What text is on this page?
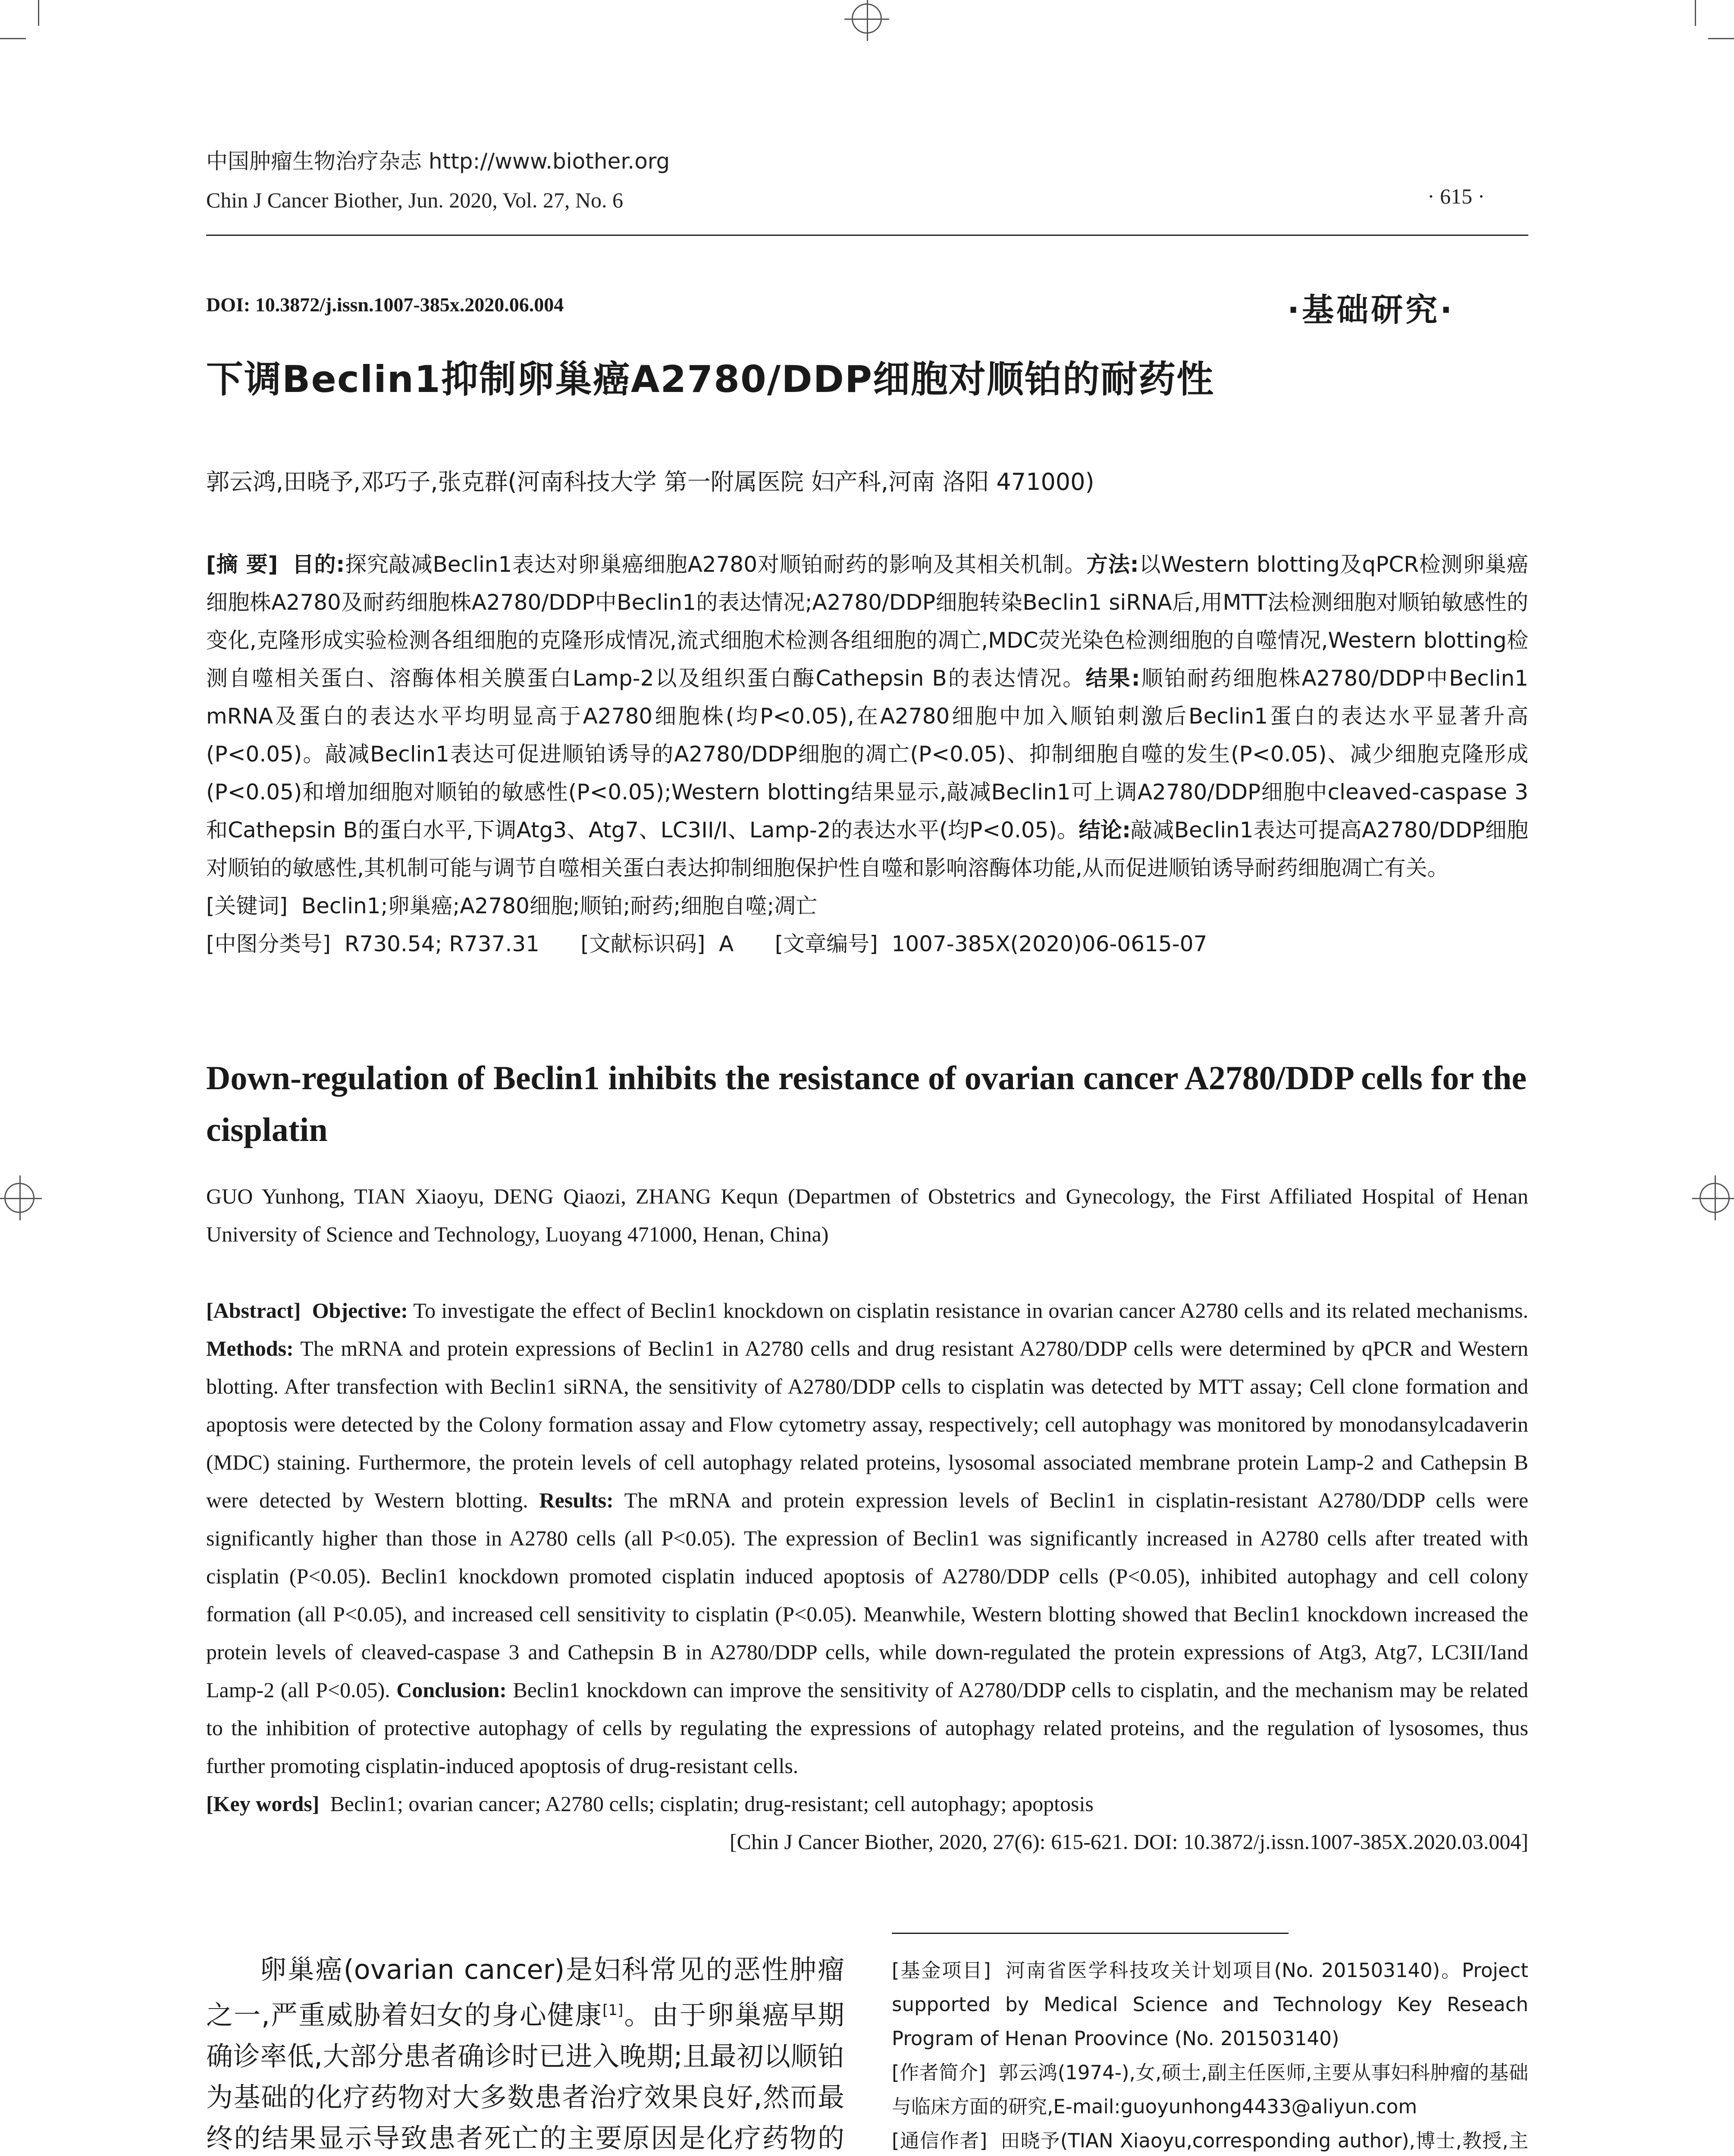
中国肿瘤生物治疗杂志 http://www.biother.org
Chin J Cancer Biother, Jun. 2020, Vol. 27, No. 6	· 615 ·
DOI: 10.3872/j.issn.1007-385x.2020.06.004	·基础研究·
下调Beclin1抑制卵巢癌A2780/DDP细胞对顺铂的耐药性
郭云鸿,田晓予,邓巧子,张克群(河南科技大学 第一附属医院 妇产科,河南 洛阳 471000)
[摘 要] 目的:探究敲减Beclin1表达对卵巢癌细胞A2780对顺铂耐药的影响及其相关机制。方法:以Western blotting及qPCR检测卵巢癌细胞株A2780及耐药细胞株A2780/DDP中Beclin1的表达情况;A2780/DDP细胞转染Beclin1 siRNA后,用MTT法检测细胞对顺铂敏感性的变化,克隆形成实验检测各组细胞的克隆形成情况,流式细胞术检测各组细胞的凋亡,MDC荧光染色检测细胞的自噬情况,Western blotting检测自噬相关蛋白、溶酶体相关膜蛋白Lamp-2以及组织蛋白酶Cathepsin B的表达情况。结果:顺铂耐药细胞株A2780/DDP中Beclin1 mRNA及蛋白的表达水平均明显高于A2780细胞株(均P<0.05),在A2780细胞中加入顺铂刺激后Beclin1蛋白的表达水平显著升高(P<0.05)。敲减Beclin1表达可促进顺铂诱导的A2780/DDP细胞的凋亡(P<0.05)、抑制细胞自噬的发生(P<0.05)、减少细胞克隆形成(P<0.05)和增加细胞对顺铂的敏感性(P<0.05);Western blotting结果显示,敲减Beclin1可上调A2780/DDP细胞中cleaved-caspase 3和Cathepsin B的蛋白水平,下调Atg3、Atg7、LC3II/I、Lamp-2的表达水平(均P<0.05)。结论:敲减Beclin1表达可提高A2780/DDP细胞对顺铂的敏感性,其机制可能与调节自噬相关蛋白表达抑制细胞保护性自噬和影响溶酶体功能,从而促进顺铂诱导耐药细胞凋亡有关。
[关键词] Beclin1;卵巢癌;A2780细胞;顺铂;耐药;细胞自噬;凋亡
[中图分类号] R730.54; R737.31 [文献标识码] A [文章编号] 1007-385X(2020)06-0615-07
Down-regulation of Beclin1 inhibits the resistance of ovarian cancer A2780/DDP cells for the cisplatin
GUO Yunhong, TIAN Xiaoyu, DENG Qiaozi, ZHANG Kequn (Departmen of Obstetrics and Gynecology, the First Affiliated Hospital of Henan University of Science and Technology, Luoyang 471000, Henan, China)
[Abstract] Objective: To investigate the effect of Beclin1 knockdown on cisplatin resistance in ovarian cancer A2780 cells and its related mechanisms. Methods: The mRNA and protein expressions of Beclin1 in A2780 cells and drug resistant A2780/DDP cells were determined by qPCR and Western blotting. After transfection with Beclin1 siRNA, the sensitivity of A2780/DDP cells to cisplatin was detected by MTT assay; Cell clone formation and apoptosis were detected by the Colony formation assay and Flow cytometry assay, respectively; cell autophagy was monitored by monodansylcadaverin (MDC) staining. Furthermore, the protein levels of cell autophagy related proteins, lysosomal associated membrane protein Lamp-2 and Cathepsin B were detected by Western blotting. Results: The mRNA and protein expression levels of Beclin1 in cisplatin-resistant A2780/DDP cells were significantly higher than those in A2780 cells (all P<0.05). The expression of Beclin1 was significantly increased in A2780 cells after treated with cisplatin (P<0.05). Beclin1 knockdown promoted cisplatin induced apoptosis of A2780/DDP cells (P<0.05), inhibited autophagy and cell colony formation (all P<0.05), and increased cell sensitivity to cisplatin (P<0.05). Meanwhile, Western blotting showed that Beclin1 knockdown increased the protein levels of cleaved-caspase 3 and Cathepsin B in A2780/DDP cells, while down-regulated the protein expressions of Atg3, Atg7, LC3II/Iand Lamp-2 (all P<0.05). Conclusion: Beclin1 knockdown can improve the sensitivity of A2780/DDP cells to cisplatin, and the mechanism may be related to the inhibition of protective autophagy of cells by regulating the expressions of autophagy related proteins, and the regulation of lysosomes, thus further promoting cisplatin-induced apoptosis of drug-resistant cells.
[Key words] Beclin1; ovarian cancer; A2780 cells; cisplatin; drug-resistant; cell autophagy; apoptosis
[Chin J Cancer Biother, 2020, 27(6): 615-621. DOI: 10.3872/j.issn.1007-385X.2020.03.004]
卵巢癌(ovarian cancer)是妇科常见的恶性肿瘤之一,严重威胁着妇女的身心健康[1]。由于卵巢癌早期确诊率低,大部分患者确诊时已进入晚期;且最初以顺铂为基础的化疗药物对大多数患者治疗效果良好,然而最终的结果显示导致患者死亡的主要原因是化疗药物的
[基金项目] 河南省医学科技攻关计划项目(No. 201503140)。Project supported by Medical Science and Technology Key Reseach Program of Henan Proovince (No. 201503140)
[作者简介] 郭云鸿(1974-),女,硕士,副主任医师,主要从事妇科肿瘤的基础与临床方面的研究,E-mail:guoyunhong4433@aliyun.com
[通信作者] 田晓予(TIAN Xiaoyu,corresponding author),博士,教授,主
